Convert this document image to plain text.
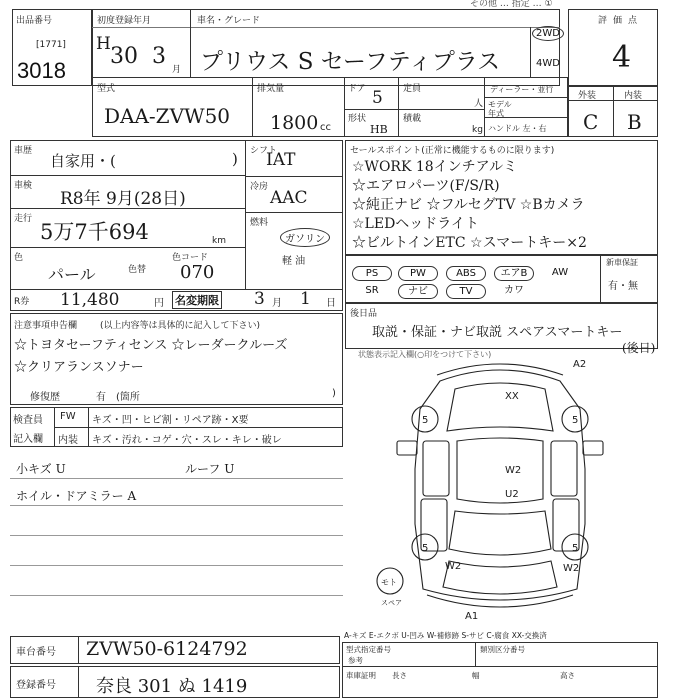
その他 … 指定 … ①
出品番号
[1771]
3018
初度登録年月
H 30 3
月
車名・グレード
プリウス S セーフティプラス
2WD
4WD
評価点
4
型式
DAA-ZVW50
排気量
1800 cc
ドア 5 定員
人
形状
HB
積載
kg
ディーラー・並行
モデル
年式
ハンドル 左・右
外装	内装
C B
車歴
自家用・(	)
車検
R8年 9月(28日)
走行
5万7千694	km
色
パール	色替
色コード
070
R券 11,480	円 名変期限 3 月 1 日
シフト
IAT
冷房
AAC
燃料
ガソリン
軽 油
セールスポイント(正常に機能するものに限ります)
☆WORK 18インチアルミ
☆エアロパーツ(F/S/R)
☆純正ナビ ☆フルセグTV ☆Bカメラ
☆LEDヘッドライト
☆ビルトインETC ☆スマートキー×2
新車保証
有・無
PS	PW	ABS	エアB	AW
SR	ナビ	TV	カワ
注意事項申告欄	(以上内容等は具体的に記入して下さい)
☆トヨタセーフティセンス ☆レーダークルーズ
☆クリアランスソナー
修復歴	有 (箇所	)
検査員
記入欄
FW キズ・凹・ヒビ割・リペア跡・X要
内装 キズ・汚れ・コゲ・穴・スレ・キレ・破レ
小キズ U	ルーフ U
ホイル・ドアミラー A
後日品
取説・保証・ナビ取説 スペアスマートキー
(後日)
A2
XX
W2
U2
W2	W2
A1
5	5
5	5
モト
スペア
状態表示記入欄(○印をつけて下さい)
A-キズ E-エクボ U-凹み W-補修跡 S-サビ C-腐食 XX-交換済
車台番号 ZVW50-6124792
登録番号 奈良 301 ぬ 1419
型式指定番号
参考
類別区分番号
車庫証明 長さ	幅	高さ
